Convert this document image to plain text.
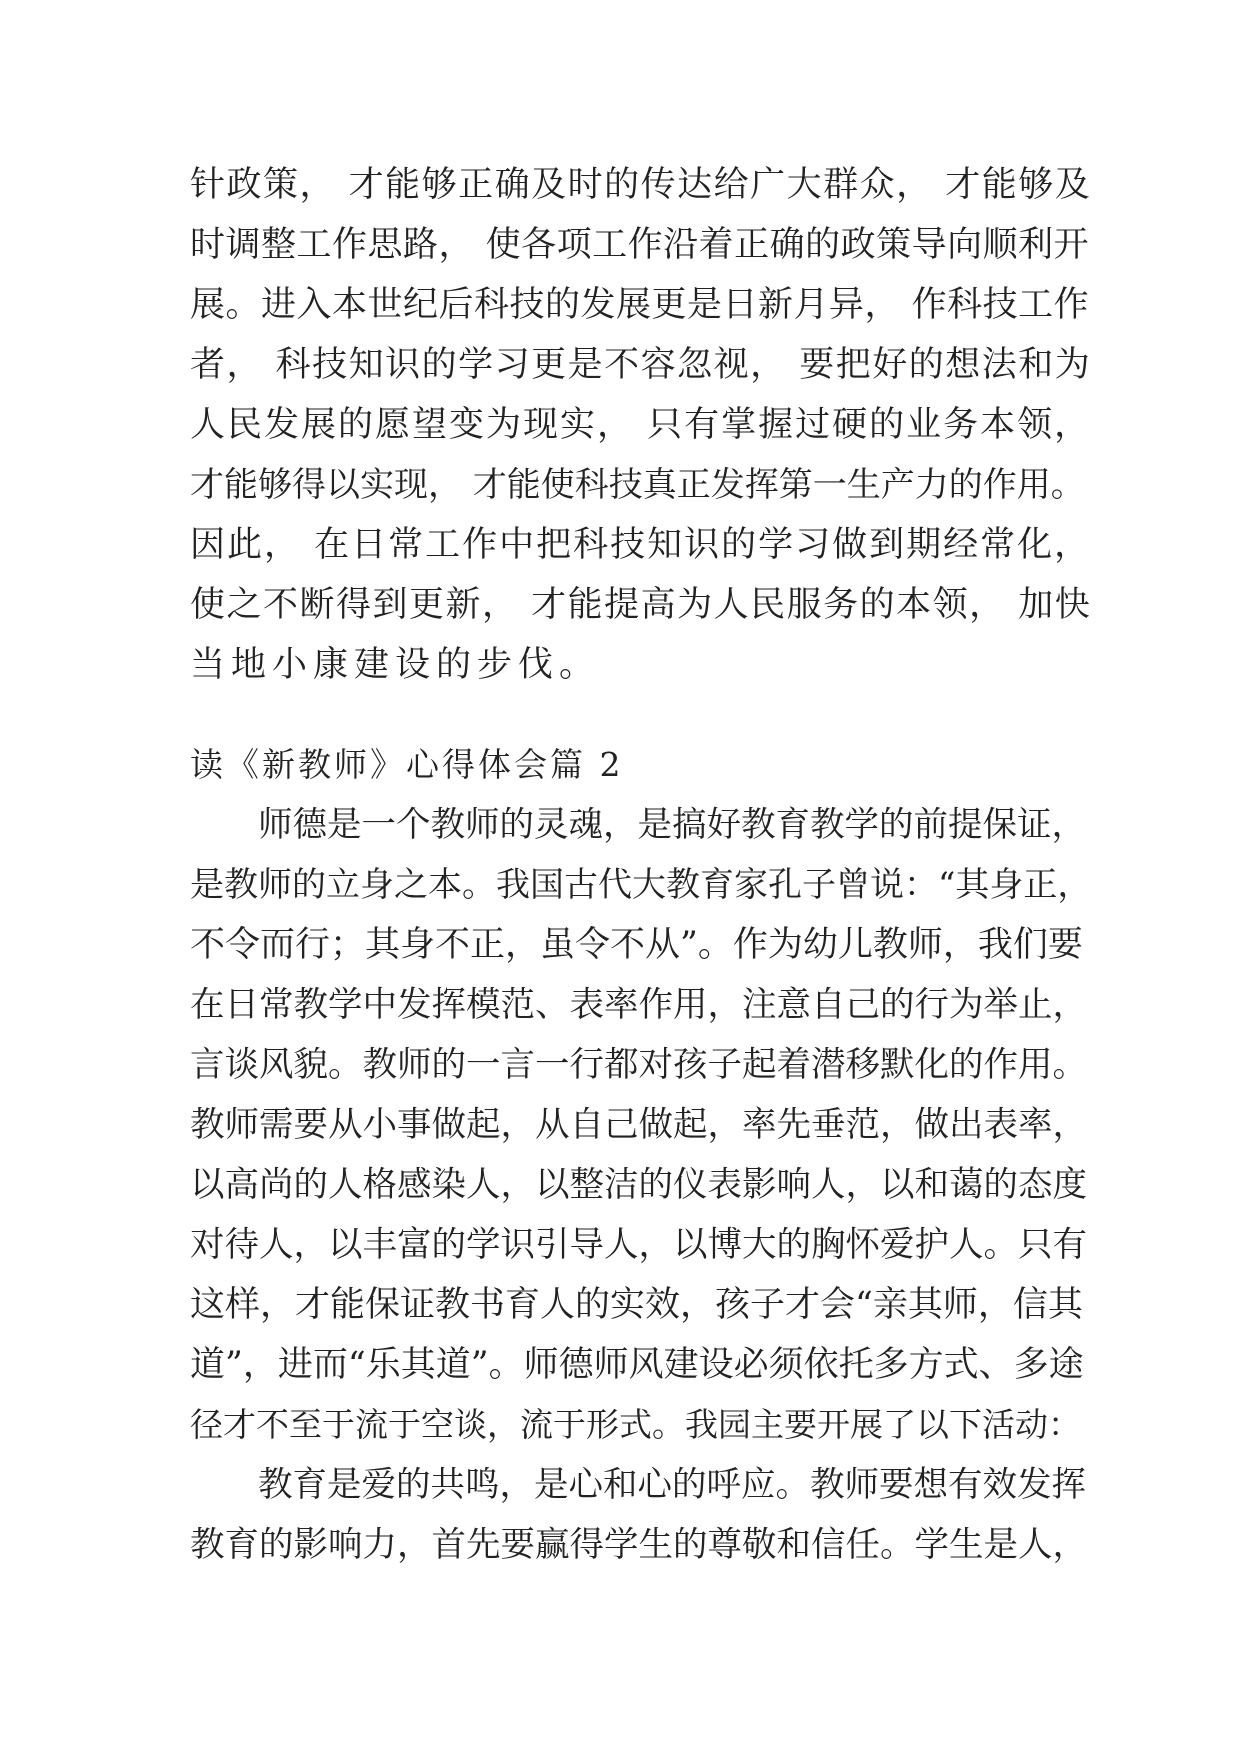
针政策， 才能够正确及时的传达给广大群众， 才能够及
时调整工作思路， 使各项工作沿着正确的政策导向顺利开
展。进入本世纪后科技的发展更是日新月异， 作科技工作
者， 科技知识的学习更是不容忽视， 要把好的想法和为
人民发展的愿望变为现实， 只有掌握过硬的业务本领，
才能够得以实现， 才能使科技真正发挥第一生产力的作用。
因此， 在日常工作中把科技知识的学习做到期经常化，
使之不断得到更新， 才能提高为人民服务的本领， 加快
当地小康建设的步伐。
读《新教师》心得体会篇 2
师德是一个教师的灵魂，是搞好教育教学的前提保证，
是教师的立身之本。我国古代大教育家孔子曾说：“其身正，
不令而行；其身不正，虽令不从”。作为幼儿教师，我们要
在日常教学中发挥模范、表率作用，注意自己的行为举止，
言谈风貌。教师的一言一行都对孩子起着潜移默化的作用。
教师需要从小事做起，从自己做起，率先垂范，做出表率，
以高尚的人格感染人，以整洁的仪表影响人，以和蔼的态度
对待人，以丰富的学识引导人，以博大的胸怀爱护人。只有
这样，才能保证教书育人的实效，孩子才会“亲其师，信其
道”，进而“乐其道”。师德师风建设必须依托多方式、多途
径才不至于流于空谈，流于形式。我园主要开展了以下活动：
教育是爱的共鸣，是心和心的呼应。教师要想有效发挥
教育的影响力，首先要赢得学生的尊敬和信任。学生是人，
